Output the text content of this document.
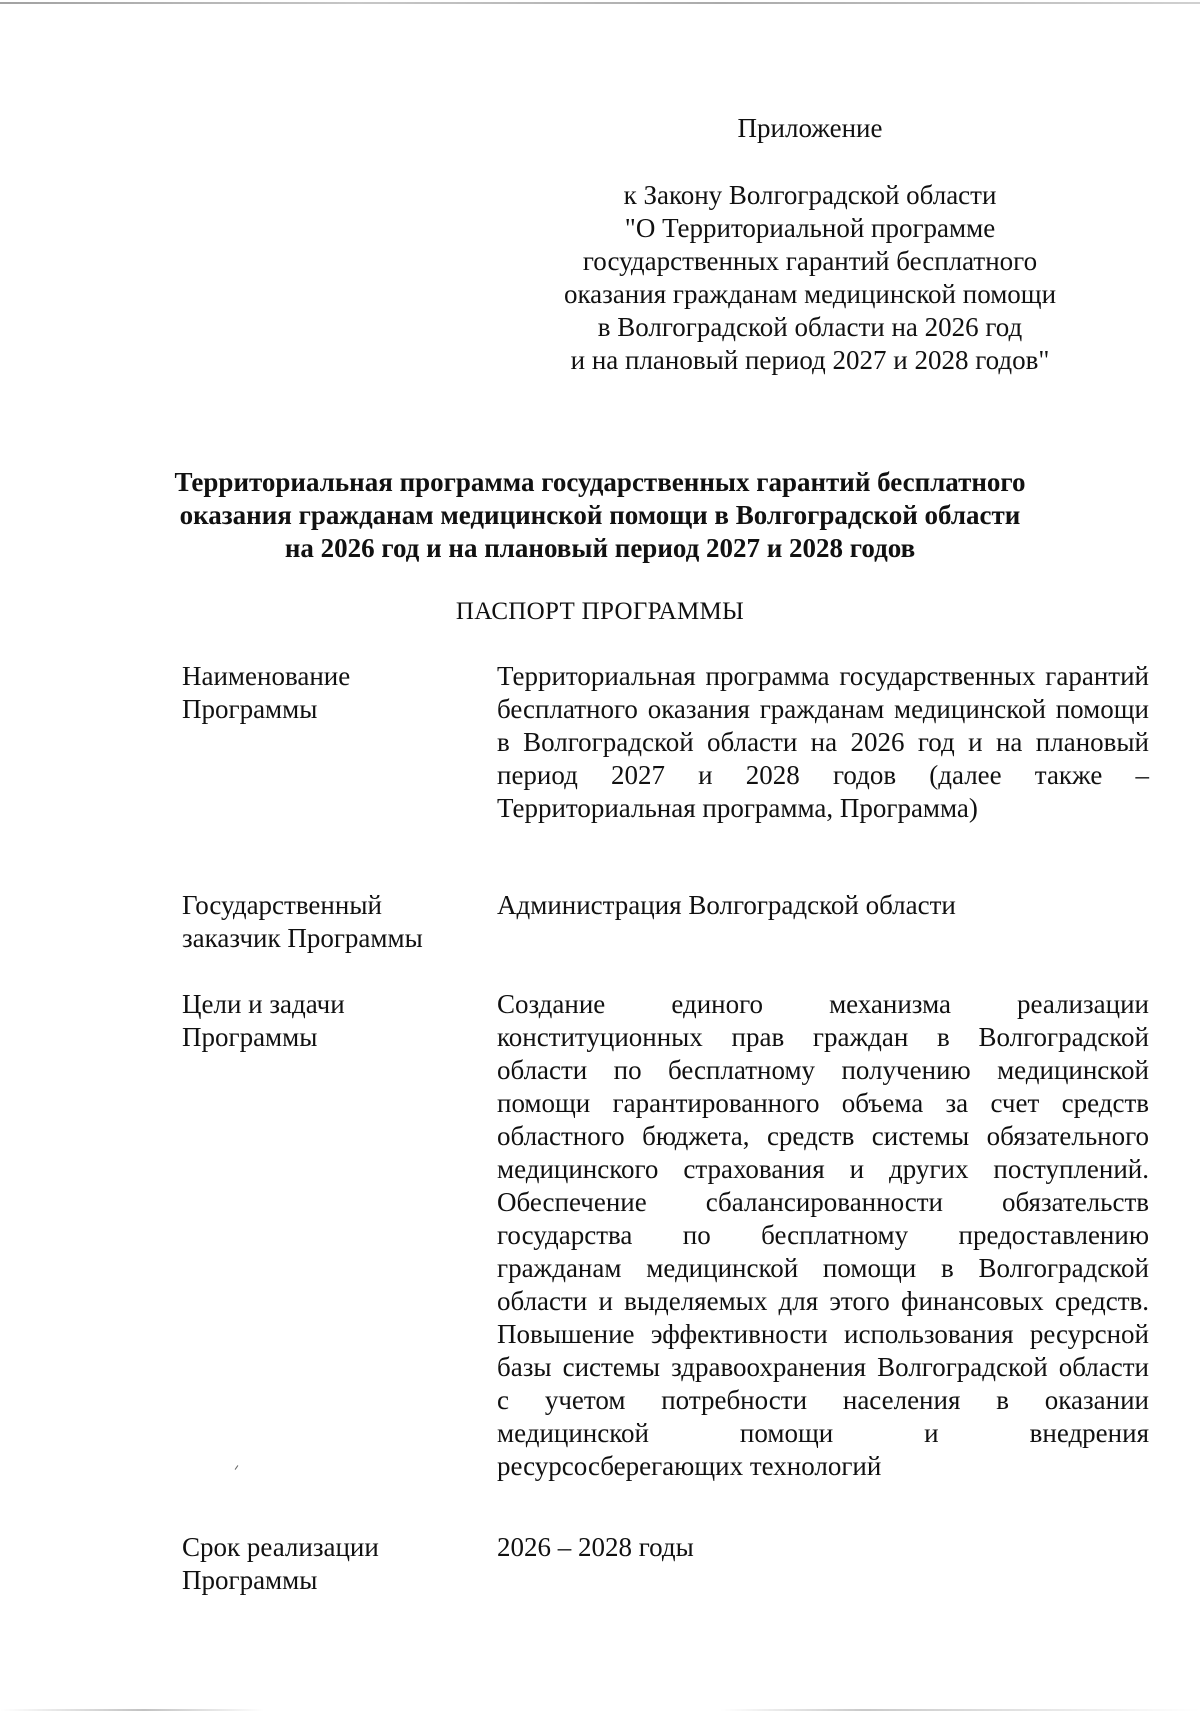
Приложение
к Закону Волгоградской области
"О Территориальной программе
государственных гарантий бесплатного
оказания гражданам медицинской помощи
в Волгоградской области на 2026 год
и на плановый период 2027 и 2028 годов"
Территориальная программа государственных гарантий бесплатного
оказания гражданам медицинской помощи в Волгоградской области
на 2026 год и на плановый период 2027 и 2028 годов
ПАСПОРТ ПРОГРАММЫ
Наименование
Программы
Территориальная программа государственных гарантий бесплатного оказания гражданам медицинской помощи в Волгоградской области на 2026 год и на плановый период 2027 и 2028 годов (далее также – Территориальная программа, Программа)
Государственный
заказчик Программы
Администрация Волгоградской области
Цели и задачи
Программы
Создание единого механизма реализации конституционных прав граждан в Волгоградской области по бесплатному получению медицинской помощи гарантированного объема за счет средств областного бюджета, средств системы обязательного медицинского страхования и других поступлений. Обеспечение сбалансированности обязательств государства по бесплатному предоставлению гражданам медицинской помощи в Волгоградской области и выделяемых для этого финансовых средств. Повышение эффективности использования ресурсной базы системы здравоохранения Волгоградской области с учетом потребности населения в оказании медицинской помощи и внедрения ресурсосберегающих технологий
Срок реализации
Программы
2026 – 2028 годы
